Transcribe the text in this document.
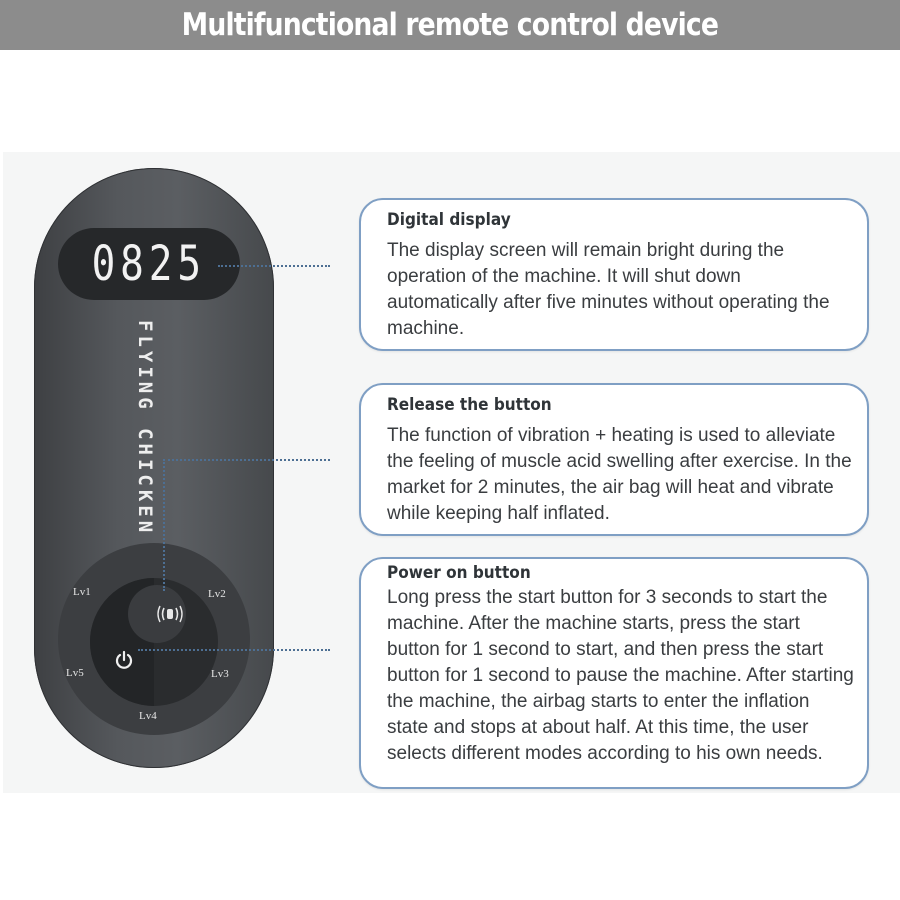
Multifunctional remote control device
0825
FLYING CHICKEN
Lv1	Lv2
Lv3
Lv4
Lv5
Digital display

The display screen will remain bright during the operation of the machine. It will shut down automatically after five minutes without operating the machine.

Release the button

The function of vibration + heating is used to alleviate the feeling of muscle acid swelling after exercise. In the market for 2 minutes, the air bag will heat and vibrate while keeping half inflated.

Power on button

Long press the start button for 3 seconds to start the machine. After the machine starts, press the start button for 1 second to start, and then press the start button for 1 second to pause the machine. After starting the machine, the airbag starts to enter the inflation state and stops at about half. At this time, the user selects different modes according to his own needs.
